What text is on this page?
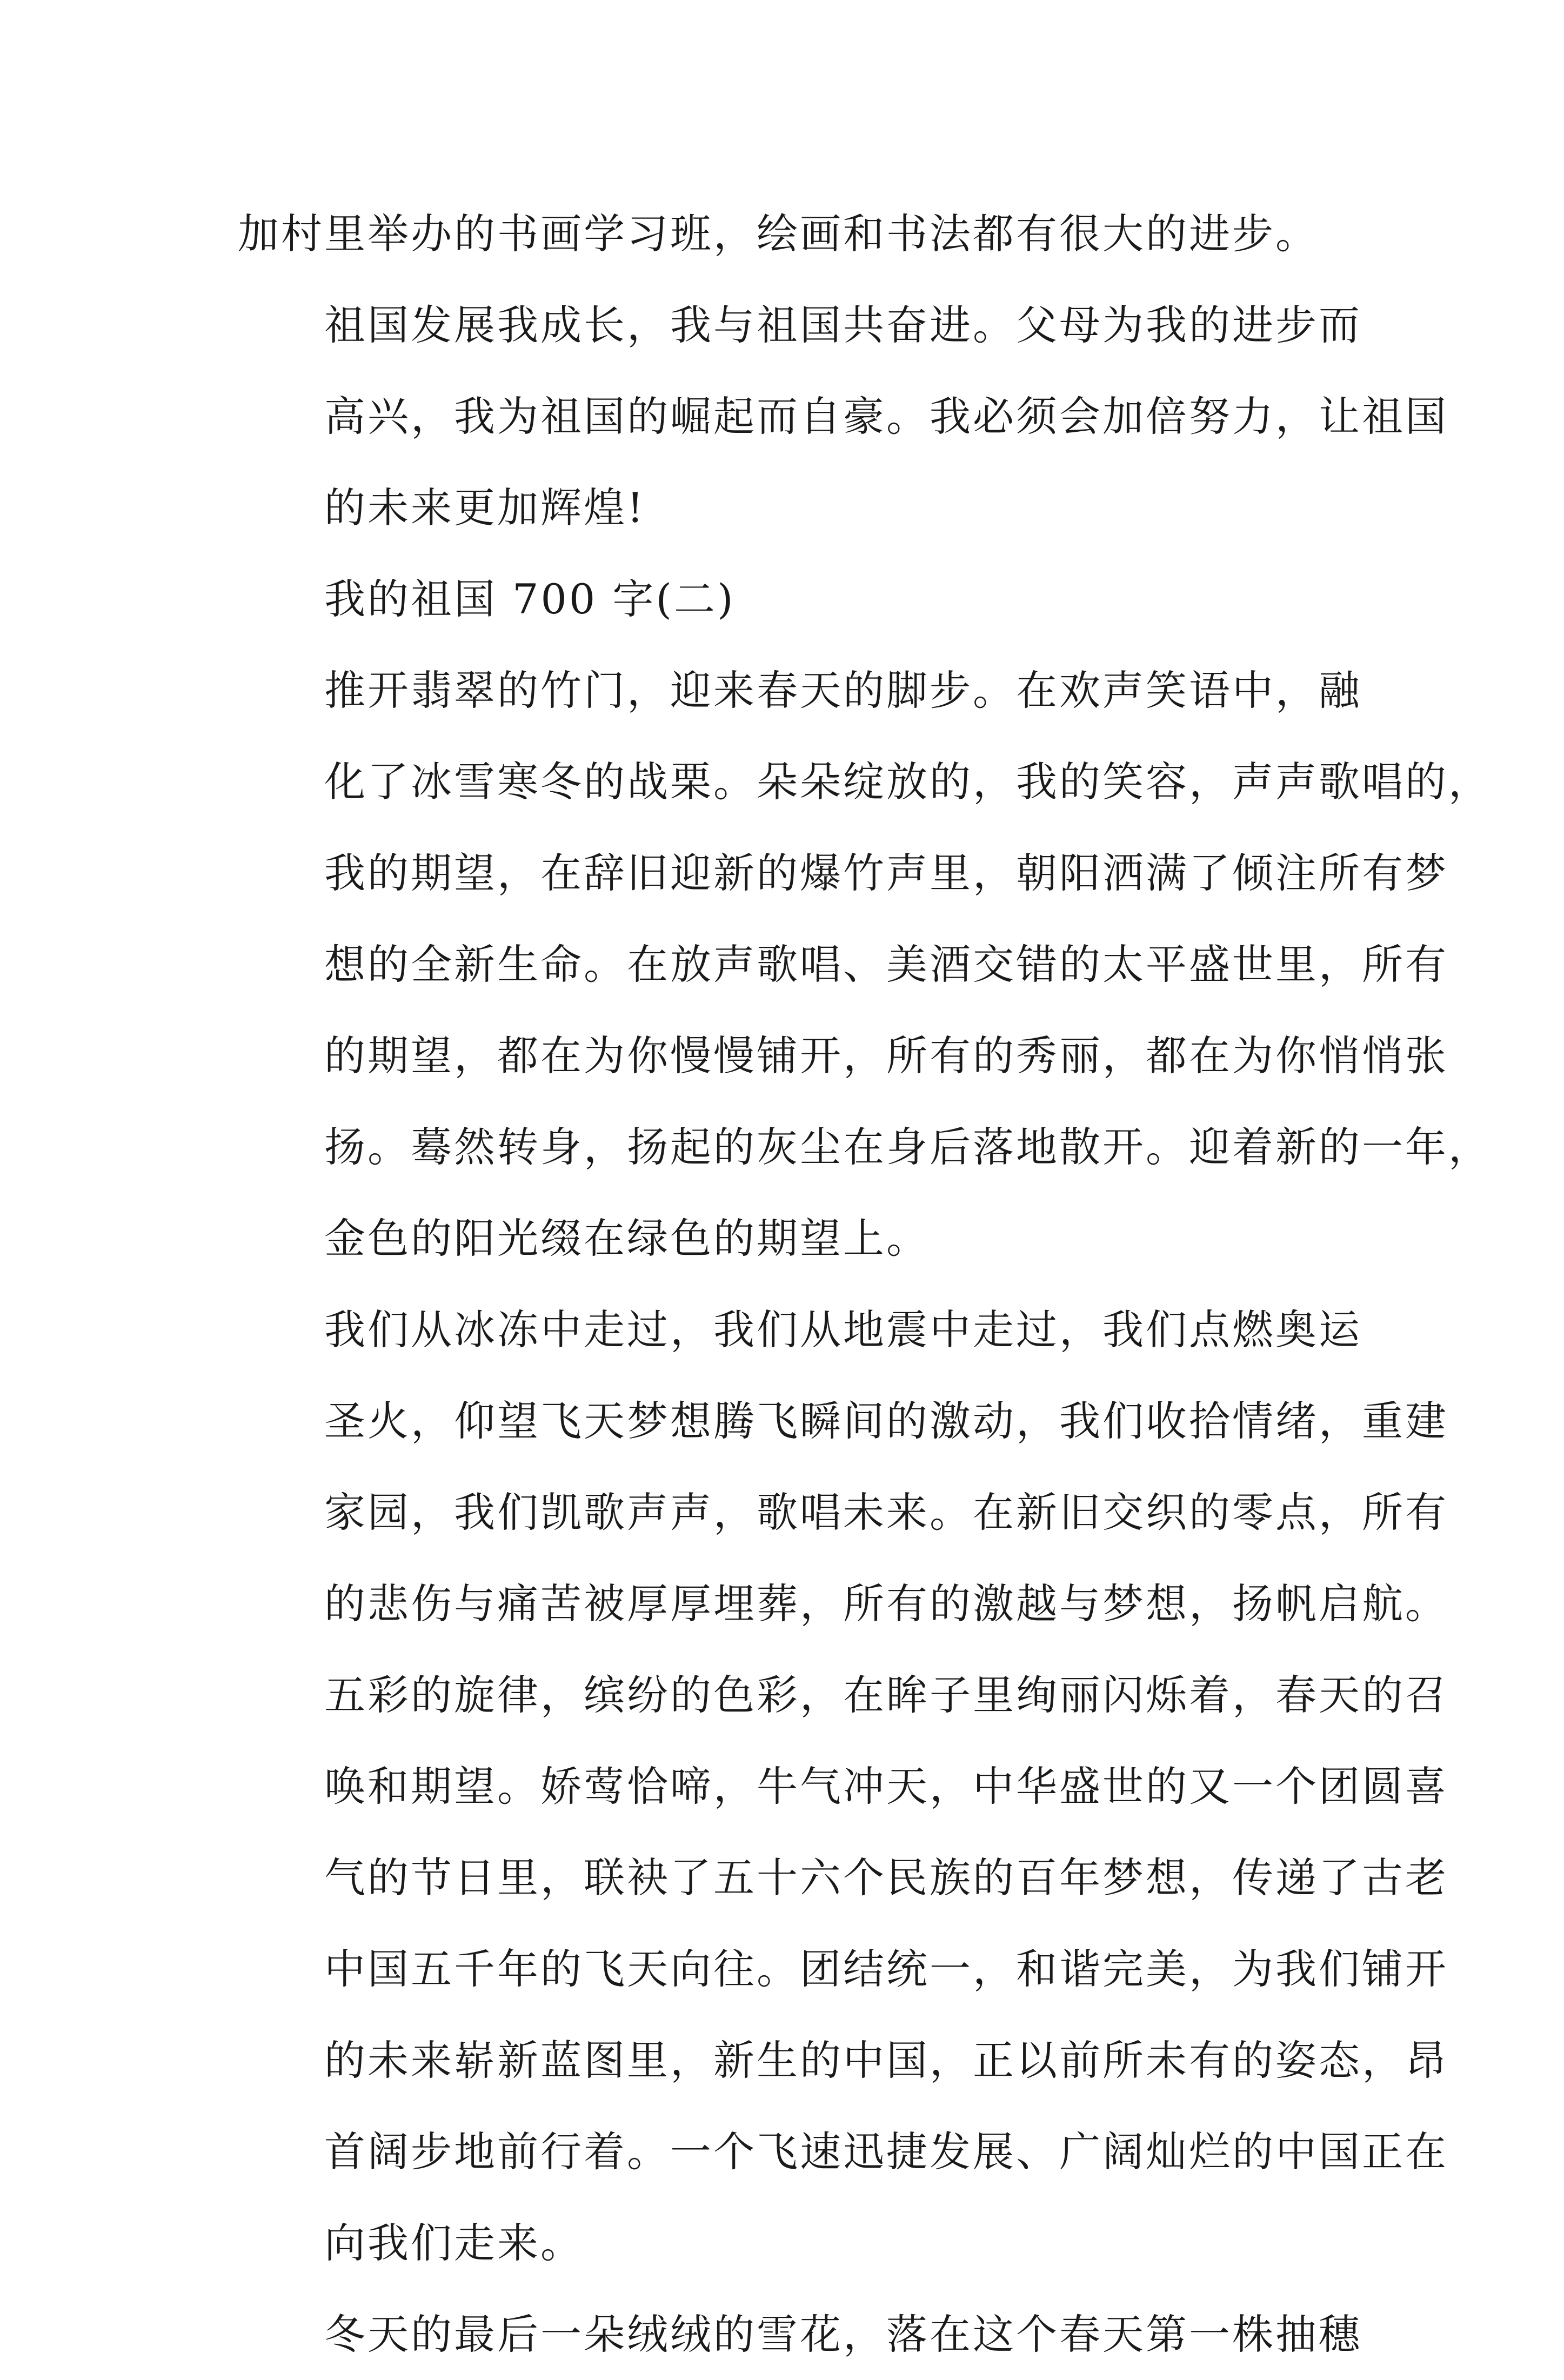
加村里举办的书画学习班，绘画和书法都有很大的进步。
祖国发展我成长，我与祖国共奋进。父母为我的进步而
高兴，我为祖国的崛起而自豪。我必须会加倍努力，让祖国
的未来更加辉煌!
我的祖国 700 字(二)
推开翡翠的竹门，迎来春天的脚步。在欢声笑语中，融
化了冰雪寒冬的战栗。朵朵绽放的，我的笑容，声声歌唱的，
我的期望，在辞旧迎新的爆竹声里，朝阳洒满了倾注所有梦
想的全新生命。在放声歌唱、美酒交错的太平盛世里，所有
的期望，都在为你慢慢铺开，所有的秀丽，都在为你悄悄张
扬。蓦然转身，扬起的灰尘在身后落地散开。迎着新的一年，
金色的阳光缀在绿色的期望上。
我们从冰冻中走过，我们从地震中走过，我们点燃奥运
圣火，仰望飞天梦想腾飞瞬间的激动，我们收拾情绪，重建
家园，我们凯歌声声，歌唱未来。在新旧交织的零点，所有
的悲伤与痛苦被厚厚埋葬，所有的激越与梦想，扬帆启航。
五彩的旋律，缤纷的色彩，在眸子里绚丽闪烁着，春天的召
唤和期望。娇莺恰啼，牛气冲天，中华盛世的又一个团圆喜
气的节日里，联袂了五十六个民族的百年梦想，传递了古老
中国五千年的飞天向往。团结统一，和谐完美，为我们铺开
的未来崭新蓝图里，新生的中国，正以前所未有的姿态，昂
首阔步地前行着。一个飞速迅捷发展、广阔灿烂的中国正在
向我们走来。
冬天的最后一朵绒绒的雪花，落在这个春天第一株抽穗
